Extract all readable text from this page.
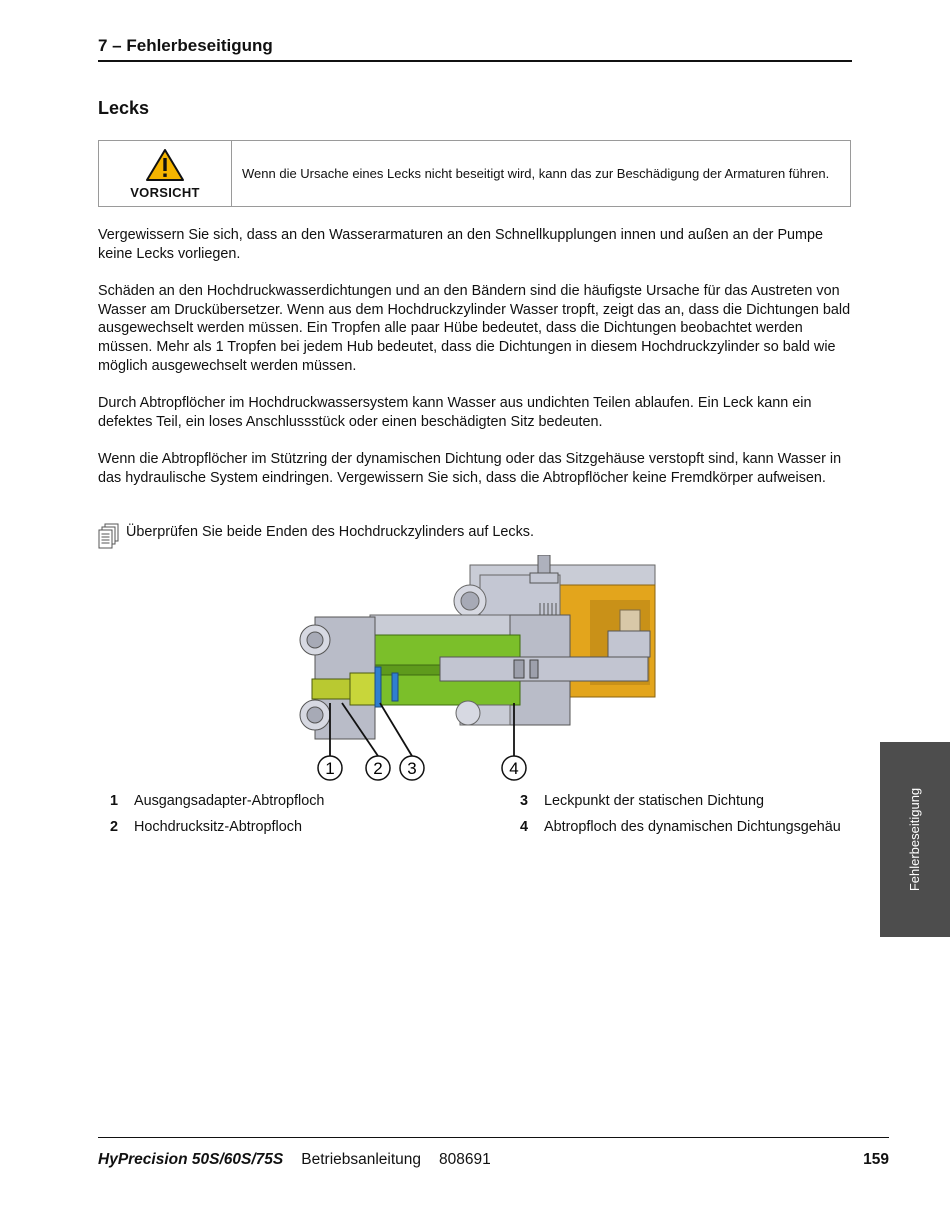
7 – Fehlerbeseitigung
Lecks
VORSICHT
Wenn die Ursache eines Lecks nicht beseitigt wird, kann das zur Beschädigung der Armaturen führen.

Vergewissern Sie sich, dass an den Wasserarmaturen an den Schnellkupplungen innen und außen an der Pumpe keine Lecks vorliegen.

Schäden an den Hochdruckwasserdichtungen und an den Bändern sind die häufigste Ursache für das Austreten von Wasser am Druckübersetzer. Wenn aus dem Hochdruckzylinder Wasser tropft, zeigt das an, dass die Dichtungen bald ausgewechselt werden müssen. Ein Tropfen alle paar Hübe bedeutet, dass die Dichtungen beobachtet werden müssen. Mehr als 1 Tropfen bei jedem Hub bedeutet, dass die Dichtungen in diesem Hochdruckzylinder so bald wie möglich ausgewechselt werden müssen.

Durch Abtropflöcher im Hochdruckwassersystem kann Wasser aus undichten Teilen ablaufen. Ein Leck kann ein defektes Teil, ein loses Anschlussstück oder einen beschädigten Sitz bedeuten.

Wenn die Abtropflöcher im Stützring der dynamischen Dichtung oder das Sitzgehäuse verstopft sind, kann Wasser in das hydraulische System eindringen. Vergewissern Sie sich, dass die Abtropflöcher keine Fremdkörper aufweisen.

Überprüfen Sie beide Enden des Hochdruckzylinders auf Lecks.
1 2 3	4
1	Ausgangsadapter-Abtropfloch
2	Hochdrucksitz-Abtropfloch
3	Leckpunkt der statischen Dichtung
4	Abtropfloch des dynamischen Dichtungsgehäu	Fehlerbeseitigung
HyPrecision 50S/60S/75S Betriebsanleitung 808691	159
